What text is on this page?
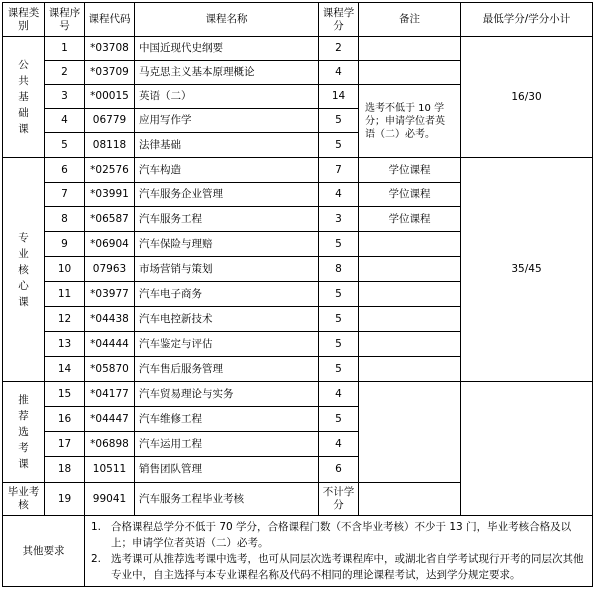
课程类别	课程序号	课程代码	课程名称	课程学分	备注	最低学分/学分小计

公
共
基
础
课	1	*03708	中国近现代史纲要	2		16/30
	2	*03709	马克思主义基本原理概论	4		
	3	*00015	英语（二）	14	选考不低于 10 学分；申请学位者英语（二）必考。	
	4	06779	应用写作学	5		
	5	08118	法律基础	5		

专
业
核
心
课	6	*02576	汽车构造	7	学位课程	35/45
	7	*03991	汽车服务企业管理	4	学位课程	
	8	*06587	汽车服务工程	3	学位课程	
	9	*06904	汽车保险与理赔	5		
	10	07963	市场营销与策划	8		
	11	*03977	汽车电子商务	5		
	12	*04438	汽车电控新技术	5		
	13	*04444	汽车鉴定与评估	5		
	14	*05870	汽车售后服务管理	5		

推
荐
选
考
课	15	*04177	汽车贸易理论与实务	4		
	16	*04447	汽车维修工程	5		
	17	*06898	汽车运用工程	4		
	18	10511	销售团队管理	6		
毕业考核	19	99041	汽车服务工程毕业考核	不计学分		
其他要求		1. 合格课程总学分不低于 70 学分，合格课程门数（不含毕业考核）不少于 13 门，毕业考核合格及以上；申请学位者英语（二）必考。
2. 选考课可从推荐选考课中选考，也可从同层次选考课程库中，或湖北省自学考试现行开考的同层次其他专业中，自主选择与本专业课程名称及代码不相同的理论课程考试，达到学分规定要求。				
